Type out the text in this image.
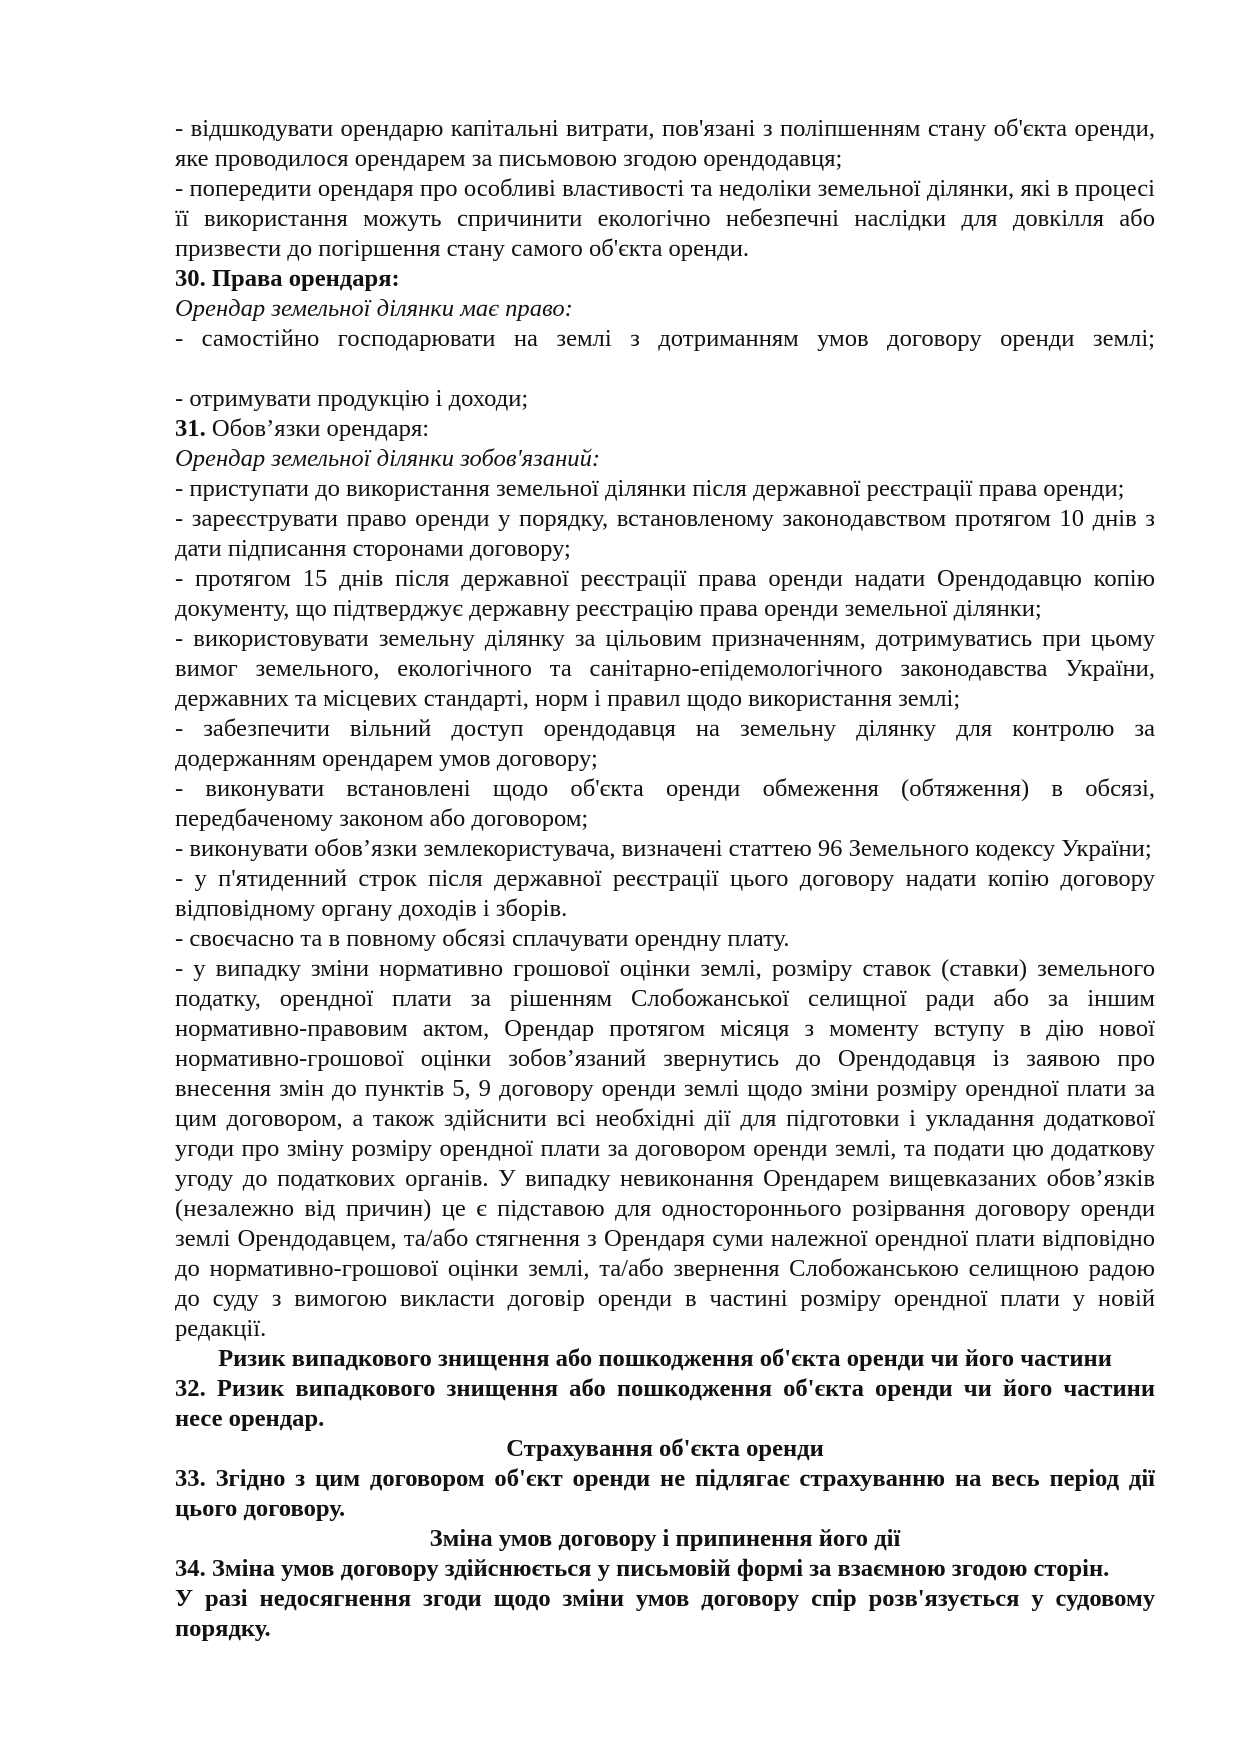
- відшкодувати орендарю капітальні витрати, пов'язані з поліпшенням стану об'єкта оренди, яке проводилося орендарем за письмовою згодою орендодавця;

- попередити орендаря про особливі властивості та недоліки земельної ділянки, які в процесі її використання можуть спричинити екологічно небезпечні наслідки для довкілля або призвести до погіршення стану самого об'єкта оренди.

30. Права орендаря:

Орендар земельної ділянки має право:

- самостійно господарювати на землі з дотриманням умов договору оренди землі;

- отримувати продукцію і доходи;

31. Обов’язки орендаря:

Орендар земельної ділянки зобов'язаний:

- приступати до використання земельної ділянки після державної реєстрації права оренди;

- зареєструвати право оренди у порядку, встановленому законодавством протягом 10 днів з дати підписання сторонами договору;

- протягом 15 днів після державної реєстрації права оренди надати Орендодавцю копію документу, що підтверджує державну реєстрацію права оренди земельної ділянки;

- використовувати земельну ділянку за цільовим призначенням, дотримуватись при цьому вимог земельного, екологічного та санітарно-епідемологічного законодавства України, державних та місцевих стандарті, норм і правил щодо використання землі;

- забезпечити вільний доступ орендодавця на земельну ділянку для контролю за додержанням орендарем умов договору;

- виконувати встановлені щодо об'єкта оренди обмеження (обтяження) в обсязі, передбаченому законом або договором;

- виконувати обов’язки землекористувача, визначені статтею 96 Земельного кодексу України;

- у п'ятиденний строк після державної реєстрації цього договору надати копію договору відповідному органу доходів і зборів.

- своєчасно та в повному обсязі сплачувати орендну плату.

- у випадку зміни нормативно грошової оцінки землі, розміру ставок (ставки) земельного податку, орендної плати за рішенням Слобожанської селищної ради або за іншим нормативно-правовим актом, Орендар протягом місяця з моменту вступу в дію нової нормативно-грошової оцінки зобов’язаний звернутись до Орендодавця із заявою про внесення змін до пунктів 5, 9 договору оренди землі щодо зміни розміру орендної плати за цим договором, а також здійснити всі необхідні дії для підготовки і укладання додаткової угоди про зміну розміру орендної плати за договором оренди землі, та подати цю додаткову угоду до податкових органів. У випадку невиконання Орендарем вищевказаних обов’язків (незалежно від причин) це є підставою для одностороннього розірвання договору оренди землі Орендодавцем, та/або стягнення з Орендаря суми належної орендної плати відповідно до нормативно-грошової оцінки землі, та/або звернення Слобожанською селищною радою до суду з вимогою викласти договір оренди в частині розміру орендної плати у новій редакції.

Ризик випадкового знищення або пошкодження об'єкта оренди чи його частини

32. Ризик випадкового знищення або пошкодження об'єкта оренди чи його частини несе орендар.

Страхування об'єкта оренди

33. Згідно з цим договором об'єкт оренди не підлягає страхуванню на весь період дії цього договору.

Зміна умов договору і припинення його дії

34. Зміна умов договору здійснюється у письмовій формі за взаємною згодою сторін.

У разі недосягнення згоди щодо зміни умов договору спір розв'язується у судовому порядку.
